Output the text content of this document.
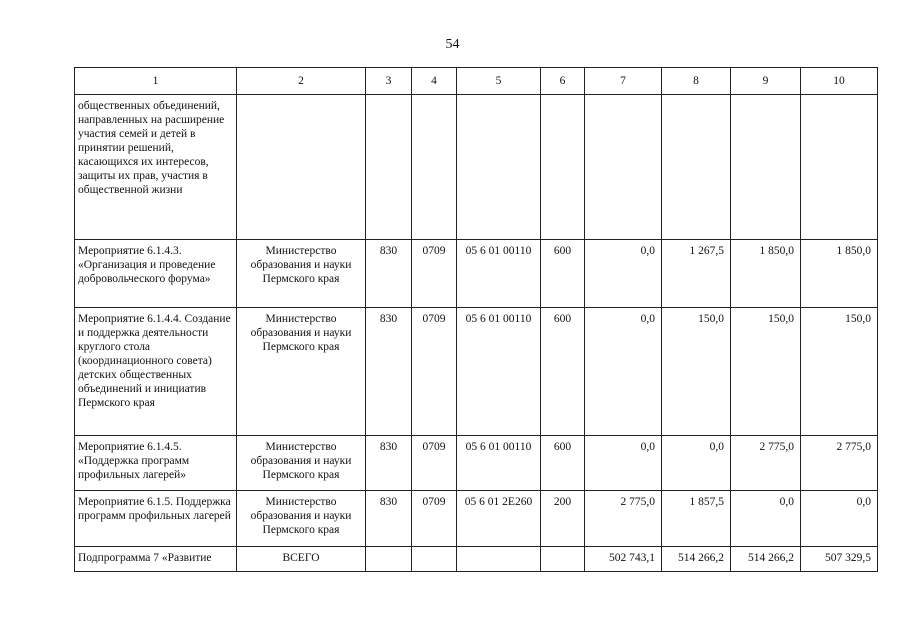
54
1	2	3	4	5	6	7	8	9	10
общественных объединений, направленных на расширение участия семей и детей в принятии решений, касающихся их интересов, защиты их прав, участия в общественной жизни									
Мероприятие 6.1.4.3. «Организация и проведение добровольческого форума»	Министерство образования и науки Пермского края	830	0709	05 6 01 00110	600	0,0	1 267,5	1 850,0	1 850,0
Мероприятие 6.1.4.4. Создание и поддержка деятельности круглого стола (координационного совета) детских общественных объединений и инициатив Пермского края	Министерство образования и науки Пермского края	830	0709	05 6 01 00110	600	0,0	150,0	150,0	150,0
Мероприятие 6.1.4.5. «Поддержка программ профильных лагерей»	Министерство образования и науки Пермского края	830	0709	05 6 01 00110	600	0,0	0,0	2 775,0	2 775,0
Мероприятие 6.1.5. Поддержка программ профильных лагерей	Министерство образования и науки Пермского края	830	0709	05 6 01 2E260	200	2 775,0	1 857,5	0,0	0,0
Подпрограмма 7 «Развитие	ВСЕГО					502 743,1	514 266,2	514 266,2	507 329,5
